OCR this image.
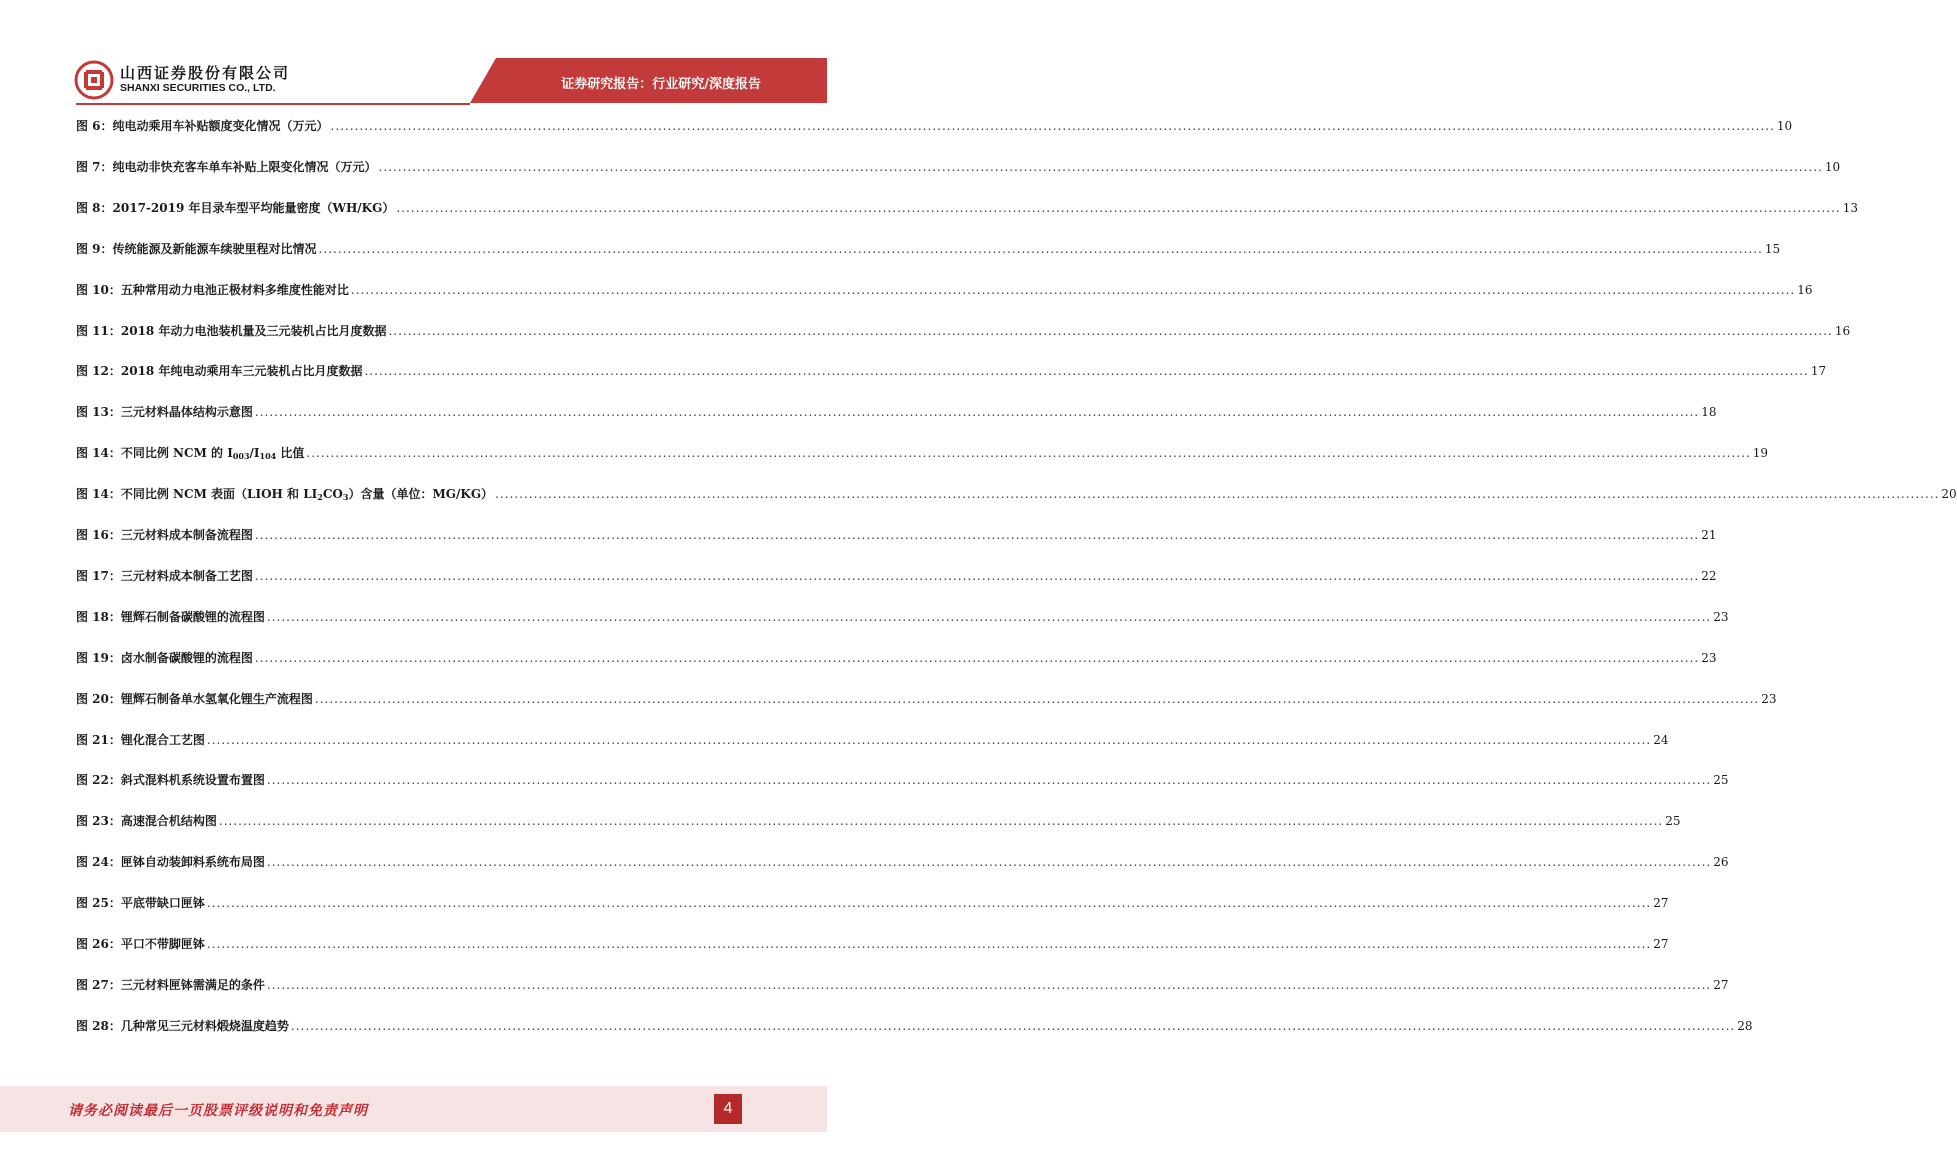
山西证券股份有限公司
SHANXI SECURITIES CO., LTD.	证券研究报告：行业研究/深度报告
图 6：纯电动乘用车补贴额度变化情况（万元） ............................................................................................................................................................................................................................................................................................................ 10
图 7：纯电动非快充客车单车补贴上限变化情况（万元） ............................................................................................................................................................................................................................................................................................................ 10
图 8：2017-2019 年目录车型平均能量密度（WH/KG） ............................................................................................................................................................................................................................................................................................................ 13
图 9：传统能源及新能源车续驶里程对比情况 ............................................................................................................................................................................................................................................................................................................ 15
图 10：五种常用动力电池正极材料多维度性能对比 ............................................................................................................................................................................................................................................................................................................ 16
图 11：2018 年动力电池装机量及三元装机占比月度数据 ............................................................................................................................................................................................................................................................................................................ 16
图 12：2018 年纯电动乘用车三元装机占比月度数据 ............................................................................................................................................................................................................................................................................................................ 17
图 13：三元材料晶体结构示意图 ............................................................................................................................................................................................................................................................................................................ 18
图 14：不同比例 NCM 的 $I_{003}/I_{104}$ 比值 ............................................................................................................................................................................................................................................................................................................ 19
图 14：不同比例 NCM 表面（LIOH 和 $LI_2CO_3$）含量（单位：MG/KG） ............................................................................................................................................................................................................................................................................................................ 20
图 16：三元材料成本制备流程图 ............................................................................................................................................................................................................................................................................................................ 21
图 17：三元材料成本制备工艺图 ............................................................................................................................................................................................................................................................................................................ 22
图 18：锂辉石制备碳酸锂的流程图 ............................................................................................................................................................................................................................................................................................................ 23
图 19：卤水制备碳酸锂的流程图 ............................................................................................................................................................................................................................................................................................................ 23
图 20：锂辉石制备单水氢氧化锂生产流程图 ............................................................................................................................................................................................................................................................................................................ 23
图 21：锂化混合工艺图 ............................................................................................................................................................................................................................................................................................................ 24
图 22：斜式混料机系统设置布置图 ............................................................................................................................................................................................................................................................................................................ 25
图 23：高速混合机结构图 ............................................................................................................................................................................................................................................................................................................ 25
图 24：匣钵自动装卸料系统布局图 ............................................................................................................................................................................................................................................................................................................ 26
图 25：平底带缺口匣钵 ............................................................................................................................................................................................................................................................................................................ 27
图 26：平口不带脚匣钵 ............................................................................................................................................................................................................................................................................................................ 27
图 27：三元材料匣钵需满足的条件 ............................................................................................................................................................................................................................................................................................................ 27
图 28：几种常见三元材料煅烧温度趋势 ............................................................................................................................................................................................................................................................................................................ 28
请务必阅读最后一页股票评级说明和免责声明	4
